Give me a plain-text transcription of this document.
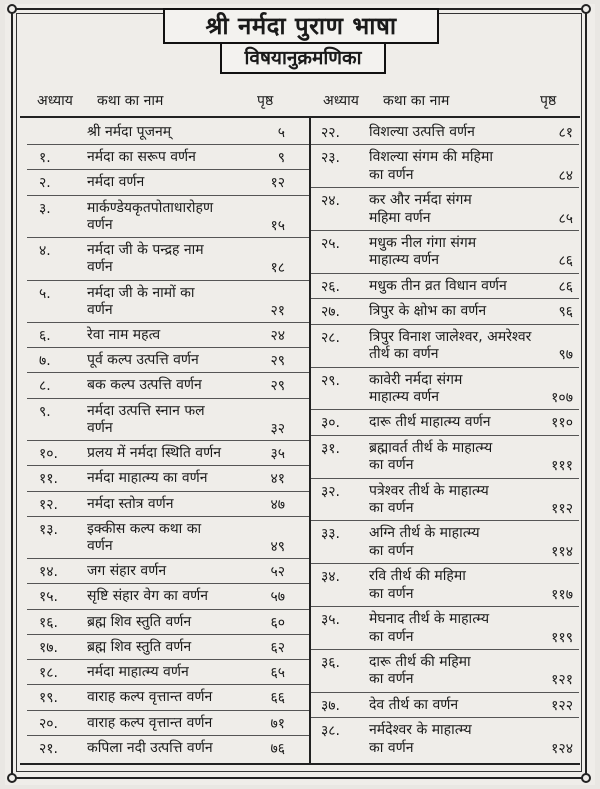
श्री नर्मदा पुराण भाषा
विषयानुक्रमणिका
अध्याय कथा का नाम	पृष्ठ	अध्याय कथा का नाम	पृष्ठ
श्री नर्मदा पूजनम्	५
१.	नर्मदा का सरूप वर्णन	९
२.	नर्मदा वर्णन	१२
३.	मार्कण्डेयकृतपोताधारोहण
वर्णन	१५
४.	नर्मदा जी के पन्द्रह नाम
वर्णन	१८
५.	नर्मदा जी के नामों का
वर्णन	२१
६.	रेवा नाम महत्व	२४
७.	पूर्व कल्प उत्पत्ति वर्णन	२९
८.	बक कल्प उत्पत्ति वर्णन	२९
९.	नर्मदा उत्पत्ति स्नान फल
वर्णन	३२
१०. प्रलय में नर्मदा स्थिति वर्णन	३५
११. नर्मदा माहात्म्य का वर्णन	४१
१२. नर्मदा स्तोत्र वर्णन	४७
१३. इक्कीस कल्प कथा का
वर्णन	४९
१४. जग संहार वर्णन	५२
१५. सृष्टि संहार वेग का वर्णन	५७
१६. ब्रह्म शिव स्तुति वर्णन	६०
१७. ब्रह्म शिव स्तुति वर्णन	६२
१८. नर्मदा माहात्म्य वर्णन	६५
१९. वाराह कल्प वृत्तान्त वर्णन	६६
२०. वाराह कल्प वृत्तान्त वर्णन	७१
२१. कपिला नदी उत्पत्ति वर्णन	७६
२२. विशल्या उत्पत्ति वर्णन	८१
२३. विशल्या संगम की महिमा
का वर्णन	८४
२४. कर और नर्मदा संगम
महिमा वर्णन	८५
२५. मधुक नील गंगा संगम
माहात्म्य वर्णन	८६
२६. मधुक तीन व्रत विधान वर्णन	८६
२७. त्रिपुर के क्षोभ का वर्णन	९६
२८. त्रिपुर विनाश जालेश्वर, अमरेश्वर
तीर्थ का वर्णन	९७
२९. कावेरी नर्मदा संगम
माहात्म्य वर्णन	१०७
३०. दारू तीर्थ माहात्म्य वर्णन	११०
३१. ब्रह्मावर्त तीर्थ के माहात्म्य
का वर्णन	१११
३२. पत्रेश्वर तीर्थ के माहात्म्य
का वर्णन	११२
३३. अग्नि तीर्थ के माहात्म्य
का वर्णन	११४
३४. रवि तीर्थ की महिमा
का वर्णन	११७
३५. मेघनाद तीर्थ के माहात्म्य
का वर्णन	११९
३६. दारू तीर्थ की महिमा
का वर्णन	१२१
३७. देव तीर्थ का वर्णन	१२२
३८. नर्मदेश्वर के माहात्म्य
का वर्णन	१२४
